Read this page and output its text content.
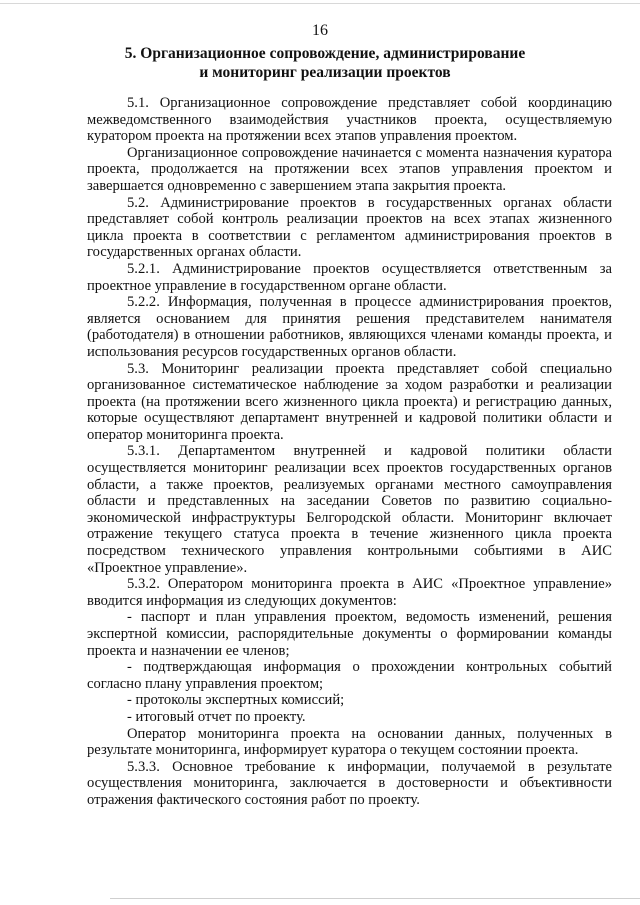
16
5. Организационное сопровождение, администрирование
и мониторинг реализации проектов

5.1. Организационное сопровождение представляет собой координацию межведомственного взаимодействия участников проекта, осуществляемую куратором проекта на протяжении всех этапов управления проектом.

Организационное сопровождение начинается с момента назначения куратора проекта, продолжается на протяжении всех этапов управления проектом и завершается одновременно с завершением этапа закрытия проекта.

5.2. Администрирование проектов в государственных органах области представляет собой контроль реализации проектов на всех этапах жизненного цикла проекта в соответствии с регламентом администрирования проектов в государственных органах области.

5.2.1. Администрирование проектов осуществляется ответственным за проектное управление в государственном органе области.

5.2.2. Информация, полученная в процессе администрирования проектов, является основанием для принятия решения представителем нанимателя (работодателя) в отношении работников, являющихся членами команды проекта, и использования ресурсов государственных органов области.

5.3. Мониторинг реализации проекта представляет собой специально организованное систематическое наблюдение за ходом разработки и реализации проекта (на протяжении всего жизненного цикла проекта) и регистрацию данных, которые осуществляют департамент внутренней и кадровой политики области и оператор мониторинга проекта.

5.3.1. Департаментом внутренней и кадровой политики области осуществляется мониторинг реализации всех проектов государственных органов области, а также проектов, реализуемых органами местного самоуправления области и представленных на заседании Советов по развитию социально-экономической инфраструктуры Белгородской области. Мониторинг включает отражение текущего статуса проекта в течение жизненного цикла проекта посредством технического управления контрольными событиями в АИС «Проектное управление».

5.3.2. Оператором мониторинга проекта в АИС «Проектное управление» вводится информация из следующих документов:

- паспорт и план управления проектом, ведомость изменений, решения экспертной комиссии, распорядительные документы о формировании команды проекта и назначении ее членов;

- подтверждающая информация о прохождении контрольных событий согласно плану управления проектом;

- протоколы экспертных комиссий;

- итоговый отчет по проекту.

Оператор мониторинга проекта на основании данных, полученных в результате мониторинга, информирует куратора о текущем состоянии проекта.

5.3.3. Основное требование к информации, получаемой в результате осуществления мониторинга, заключается в достоверности и объективности отражения фактического состояния работ по проекту.
